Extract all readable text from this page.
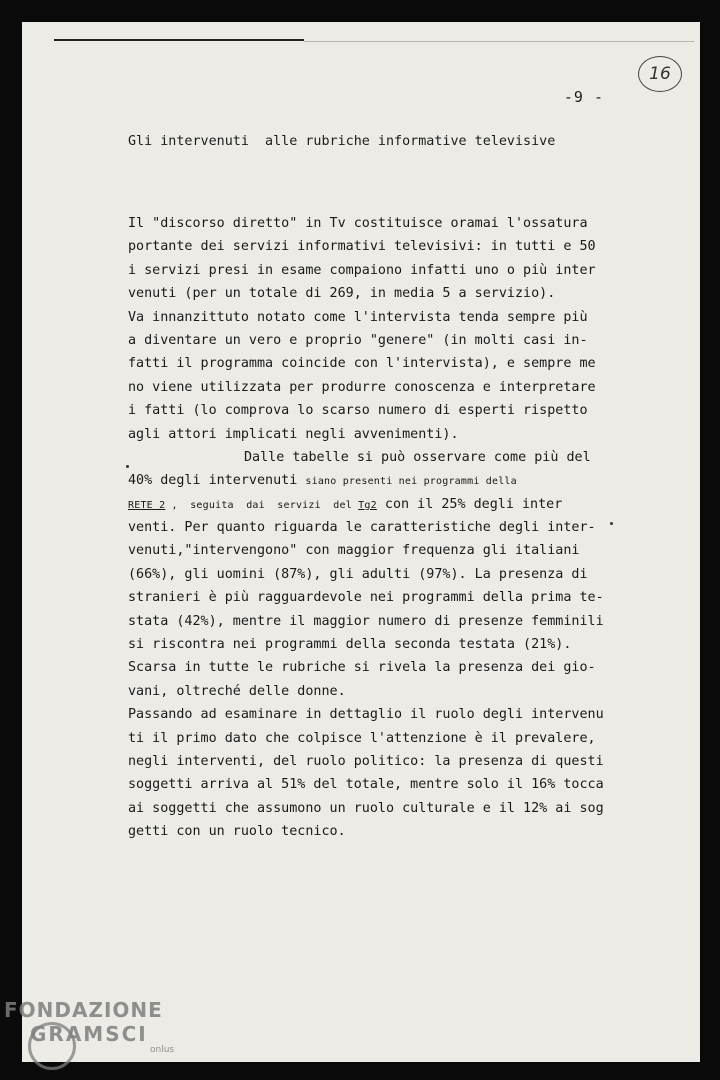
16
-9 -
Gli intervenuti  alle rubriche informative televisive
Il "discorso diretto" in Tv costituisce oramai l'ossatura
portante dei servizi informativi televisivi: in tutti e 50
i servizi presi in esame compaiono infatti uno o più inter
venuti (per un totale di 269, in media 5 a servizio).
Va innanzittuto notato come l'intervista tenda sempre più
a diventare un vero e proprio "genere" (in molti casi in-
fatti il programma coincide con l'intervista), e sempre me
no viene utilizzata per produrre conoscenza e interpretare
i fatti (lo comprova lo scarso numero di esperti rispetto
agli attori implicati negli avvenimenti).
Dalle tabelle si può osservare come più del
40% degli intervenuti siano presenti nei programmi della
RETE 2 ,  seguita  dai  servizi  del Tg2 con il 25% degli inter
venti. Per quanto riguarda le caratteristiche degli inter-
venuti,"intervengono" con maggior frequenza gli italiani
(66%), gli uomini (87%), gli adulti (97%). La presenza di
stranieri è più ragguardevole nei programmi della prima te-
stata (42%), mentre il maggior numero di presenze femminili
si riscontra nei programmi della seconda testata (21%).
Scarsa in tutte le rubriche si rivela la presenza dei gio-
vani, oltreché delle donne.
Passando ad esaminare in dettaglio il ruolo degli intervenu
ti il primo dato che colpisce l'attenzione è il prevalere,
negli interventi, del ruolo politico: la presenza di questi
soggetti arriva al 51% del totale, mentre solo il 16% tocca
ai soggetti che assumono un ruolo culturale e il 12% ai sog
getti con un ruolo tecnico.
FONDAZIONE
GRAMSCI
onlus
